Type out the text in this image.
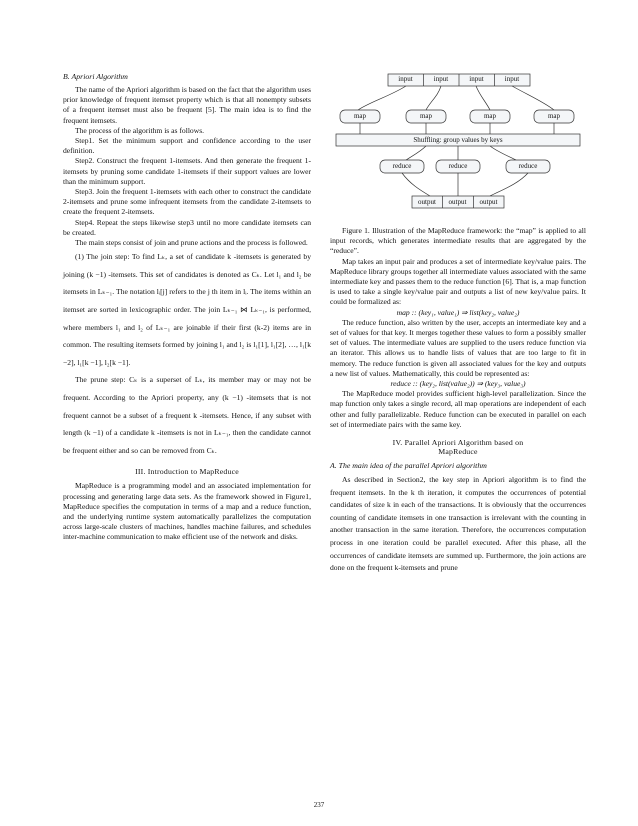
B. Apriori Algorithm

The name of the Apriori algorithm is based on the fact that the algorithm uses prior knowledge of frequent itemset property which is that all nonempty subsets of a frequent itemset must also be frequent [5]. The main idea is to find the frequent itemsets.

The process of the algorithm is as follows.

Step1. Set the minimum support and confidence according to the user definition.

Step2. Construct the frequent 1-itemsets. And then generate the frequent 1-itemsets by pruning some candidate 1-itemsets if their support values are lower than the minimum support.

Step3. Join the frequent 1-itemsets with each other to construct the candidate 2-itemsets and prune some infrequent itemsets from the candidate 2-itemsets to create the frequent 2-itemsets.

Step4. Repeat the steps likewise step3 until no more candidate itemsets can be created.

The main steps consist of join and prune actions and the process is followed.

(1) The join step: To find Lₖ, a set of candidate k -itemsets is generated by joining (k −1) -itemsets. This set of candidates is denoted as Cₖ. Let l₁ and l₂ be itemsets in Lₖ₋₁. The notation lᵢ[j] refers to the j th item in lᵢ. The items within an itemset are sorted in lexicographic order. The join Lₖ₋₁ ⋈ Lₖ₋₁, is performed, where members l₁ and l₂ of Lₖ₋₁ are joinable if their first (k-2) items are in common. The resulting itemsets formed by joining l₁ and l₂ is l₁[1], l₁[2], …, l₁[k −2], l₁[k −1], l₂[k −1].

The prune step: Cₖ is a superset of Lₖ, its member may or may not be frequent. According to the Apriori property, any (k −1) -itemsets that is not frequent cannot be a subset of a frequent k -itemsets. Hence, if any subset with length (k −1) of a candidate k -itemsets is not in Lₖ₋₁, then the candidate cannot be frequent either and so can be removed from Cₖ.

III. Introduction to MapReduce

MapReduce is a programming model and an associated implementation for processing and generating large data sets. As the framework showed in Figure1, MapReduce specifies the computation in terms of a map and a reduce function, and the underlying runtime system automatically parallelizes the computation across large-scale clusters of machines, handles machine failures, and schedules inter-machine communication to make efficient use of the network and disks.

input	input	input	input
map	map	map	map
Shuffling: group values by keys
reduce	reduce	reduce
output	output	output

Figure 1. Illustration of the MapReduce framework: the “map” is applied to all input records, which generates intermediate results that are aggregated by the “reduce”.

Map takes an input pair and produces a set of intermediate key/value pairs. The MapReduce library groups together all intermediate values associated with the same intermediate key and passes them to the reduce function [6]. That is, a map function is used to take a single key/value pair and outputs a list of new key/value pairs. It could be formalized as:

map :: (key₁, value₁) ⇒ list(key₂, value₂)

The reduce function, also written by the user, accepts an intermediate key and a set of values for that key. It merges together these values to form a possibly smaller set of values. The intermediate values are supplied to the users reduce function via an iterator. This allows us to handle lists of values that are too large to fit in memory. The reduce function is given all associated values for the key and outputs a new list of values. Mathematically, this could be represented as:

reduce :: (key₂, list(value₂)) ⇒ (key₃, value₃)

The MapReduce model provides sufficient high-level parallelization. Since the map function only takes a single record, all map operations are independent of each other and fully parallelizable. Reduce function can be executed in parallel on each set of intermediate pairs with the same key.

IV. Parallel Apriori Algorithm based on
MapReduce
A. The main idea of the parallel Apriori algorithm

As described in Section2, the key step in Apriori algorithm is to find the frequent itemsets. In the k th iteration, it computes the occurrences of potential candidates of size k in each of the transactions. It is obviously that the occurrences counting of candidate itemsets in one transaction is irrelevant with the counting in another transaction in the same iteration. Therefore, the occurrences computation process in one iteration could be parallel executed. After this phase, all the occurrences of candidate itemsets are summed up. Furthermore, the join actions are done on the frequent k-itemsets and prune

237
